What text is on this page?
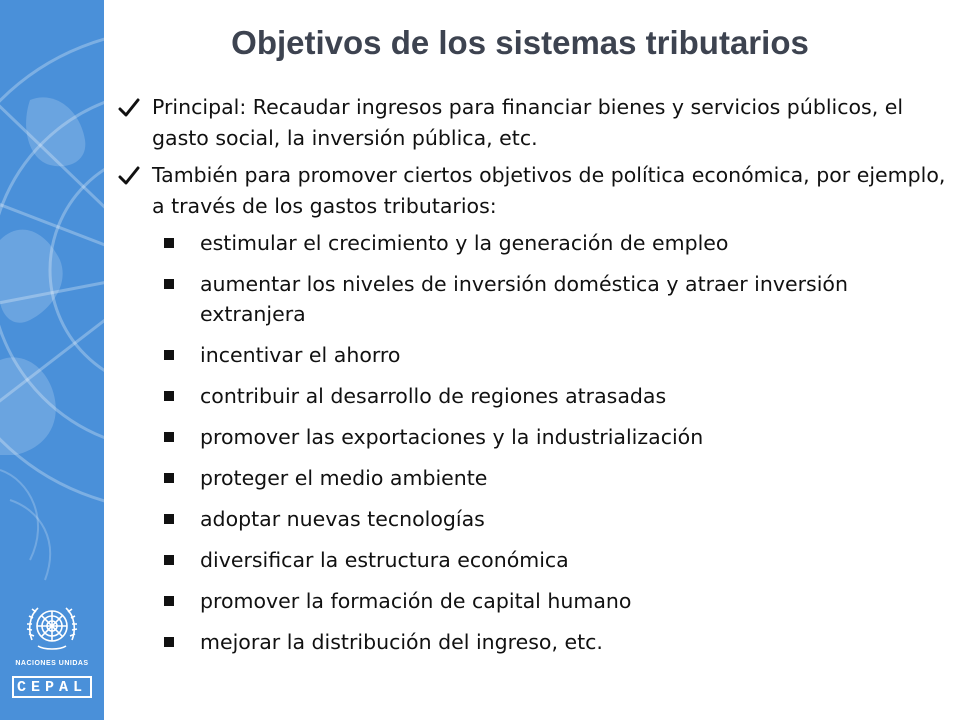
NACIONES UNIDAS
CEPAL
Objetivos de los sistemas tributarios
Principal: Recaudar ingresos para financiar bienes y servicios públicos, el gasto social, la inversión pública, etc.
También para promover ciertos objetivos de política económica, por ejemplo, a través de los gastos tributarios:
estimular el crecimiento y la generación de empleo
aumentar los niveles de inversión doméstica y atraer inversión extranjera
incentivar el ahorro
contribuir al desarrollo de regiones atrasadas
promover las exportaciones y la industrialización
proteger el medio ambiente
adoptar nuevas tecnologías
diversificar la estructura económica
promover la formación de capital humano
mejorar la distribución del ingreso, etc.
